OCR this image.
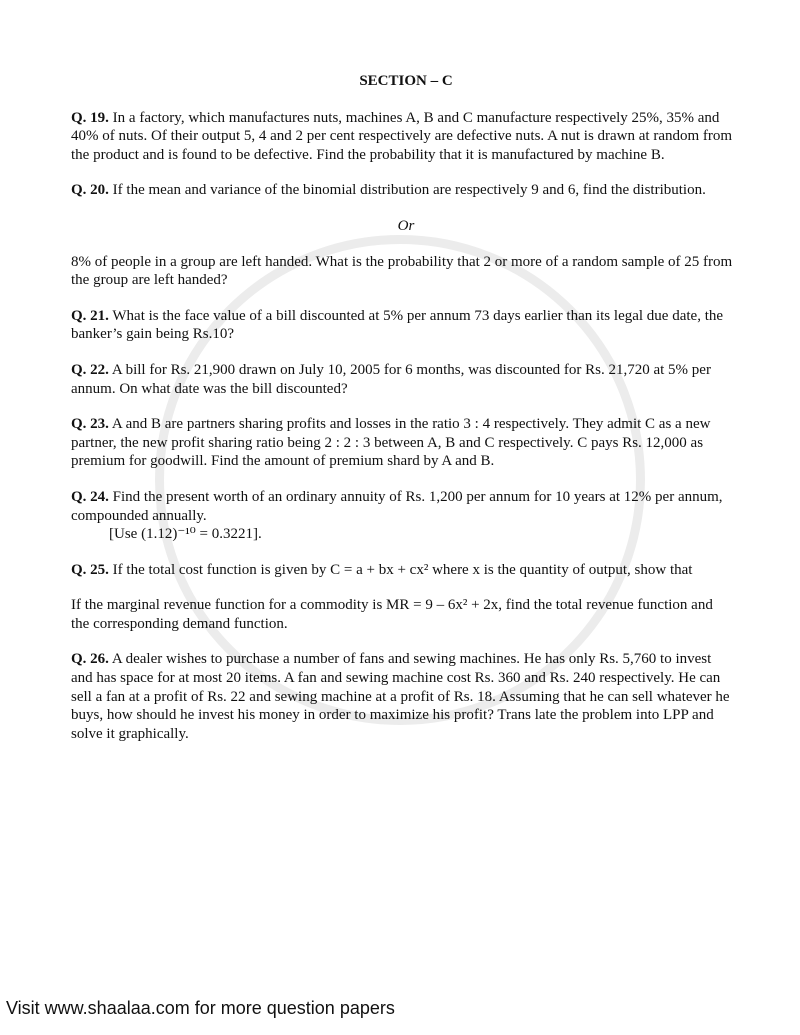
SECTION – C
Q. 19. In a factory, which manufactures nuts, machines A, B and C manufacture respectively 25%, 35% and 40% of nuts. Of their output 5, 4 and 2 per cent respectively are defective nuts. A nut is drawn at random from the product and is found to be defective. Find the probability that it is manufactured by machine B.
Q. 20. If the mean and variance of the binomial distribution are respectively 9 and 6, find the distribution.
Or
8% of people in a group are left handed. What is the probability that 2 or more of a random sample of 25 from the group are left handed?
Q. 21. What is the face value of a bill discounted at 5% per annum 73 days earlier than its legal due date, the banker’s gain being Rs.10?
Q. 22. A bill for Rs. 21,900 drawn on July 10, 2005 for 6 months, was discounted for Rs. 21,720 at 5% per annum. On what date was the bill discounted?
Q. 23. A and B are partners sharing profits and losses in the ratio 3 : 4 respectively. They admit C as a new partner, the new profit sharing ratio being 2 : 2 : 3 between A, B and C respectively. C pays Rs. 12,000 as premium for goodwill. Find the amount of premium shard by A and B.
Q. 24. Find the present worth of an ordinary annuity of Rs. 1,200 per annum for 10 years at 12% per annum, compounded annually.
[Use (1.12)⁻¹⁰ = 0.3221].
Q. 25. If the total cost function is given by C = a + bx + cx² where x is the quantity of output, show that
If the marginal revenue function for a commodity is MR = 9 – 6x² + 2x, find the total revenue function and the corresponding demand function.
Q. 26. A dealer wishes to purchase a number of fans and sewing machines. He has only Rs. 5,760 to invest and has space for at most 20 items. A fan and sewing machine cost Rs. 360 and Rs. 240 respectively. He can sell a fan at a profit of Rs. 22 and sewing machine at a profit of Rs. 18. Assuming that he can sell whatever he buys, how should he invest his money in order to maximize his profit? Trans late the problem into LPP and solve it graphically.
Visit www.shaalaa.com for more question papers
